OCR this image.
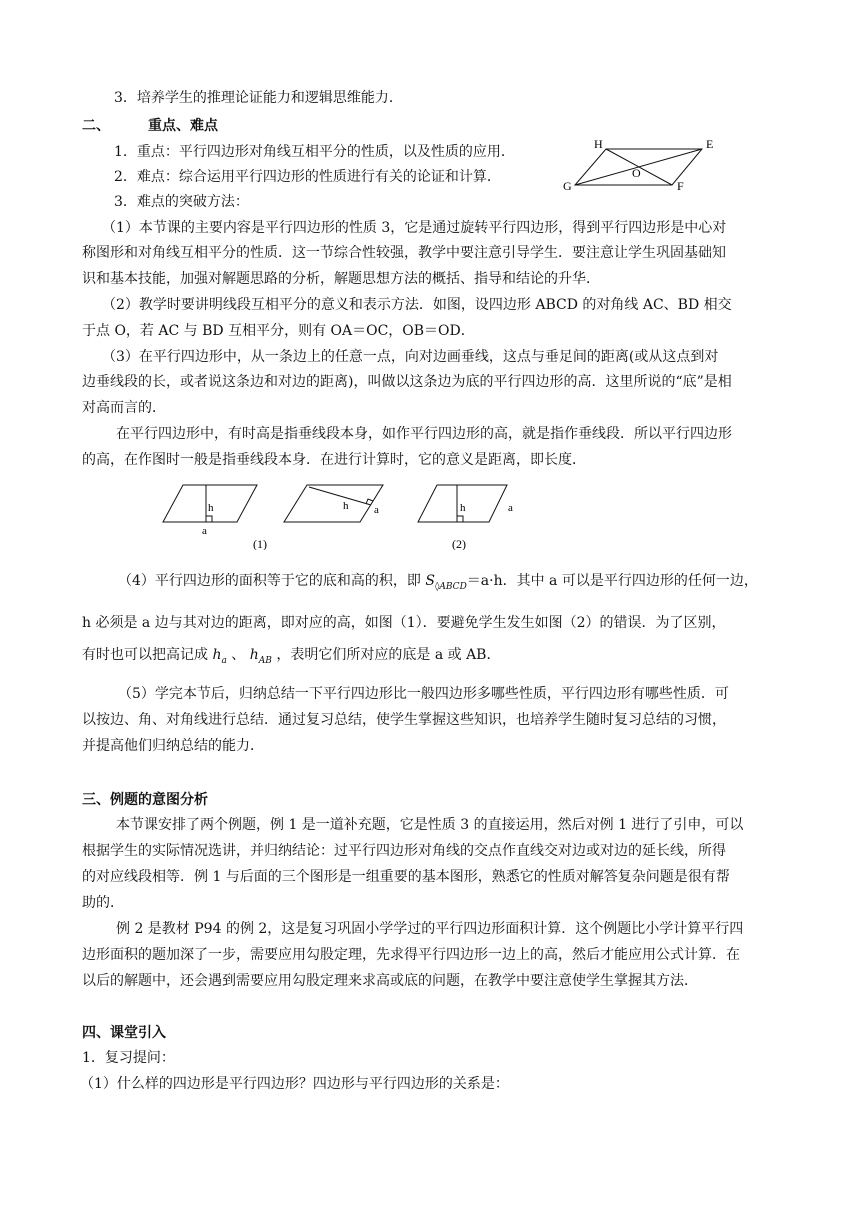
3．培养学生的推理论证能力和逻辑思维能力．
二、	重点、难点
1．重点：平行四边形对角线互相平分的性质，以及性质的应用．
2．难点：综合运用平行四边形的性质进行有关的论证和计算．
3．难点的突破方法：
H	E
O
G	F
（1）本节课的主要内容是平行四边形的性质 3，它是通过旋转平行四边形，得到平行四边形是中心对
称图形和对角线互相平分的性质．这一节综合性较强，教学中要注意引导学生．要注意让学生巩固基础知
识和基本技能，加强对解题思路的分析，解题思想方法的概括、指导和结论的升华．
（2）教学时要讲明线段互相平分的意义和表示方法．如图，设四边形 ABCD 的对角线 AC、BD 相交
于点 O，若 AC 与 BD 互相平分，则有 OA＝OC，OB＝OD．
（3）在平行四边形中，从一条边上的任意一点，向对边画垂线，这点与垂足间的距离(或从这点到对
边垂线段的长，或者说这条边和对边的距离)，叫做以这条边为底的平行四边形的高．这里所说的“底”是相
对高而言的．
在平行四边形中，有时高是指垂线段本身，如作平行四边形的高，就是指作垂线段．所以平行四边形
的高，在作图时一般是指垂线段本身．在进行计算时，它的意义是距离，即长度．
h
a
(1)
h a	h	a
(2)
（4）平行四边形的面积等于它的底和高的积，即 $S_{◊ABCD}=a\cdot h$．其中 a 可以是平行四边形的任何一边，
h 必须是 a 边与其对边的距离，即对应的高，如图（1）．要避免学生发生如图（2）的错误．为了区别，
有时也可以把高记成 $h_a$ 、 $h_{AB}$ ，表明它们所对应的底是 a 或 AB．
（5）学完本节后，归纳总结一下平行四边形比一般四边形多哪些性质，平行四边形有哪些性质．可
以按边、角、对角线进行总结．通过复习总结，使学生掌握这些知识，也培养学生随时复习总结的习惯，
并提高他们归纳总结的能力．
三、例题的意图分析
本节课安排了两个例题，例 1 是一道补充题，它是性质 3 的直接运用，然后对例 1 进行了引申，可以
根据学生的实际情况选讲，并归纳结论：过平行四边形对角线的交点作直线交对边或对边的延长线，所得
的对应线段相等．例 1 与后面的三个图形是一组重要的基本图形，熟悉它的性质对解答复杂问题是很有帮
助的．
例 2 是教材 P94 的例 2，这是复习巩固小学学过的平行四边形面积计算．这个例题比小学计算平行四
边形面积的题加深了一步，需要应用勾股定理，先求得平行四边形一边上的高，然后才能应用公式计算．在
以后的解题中，还会遇到需要应用勾股定理来求高或底的问题，在教学中要注意使学生掌握其方法．
四、课堂引入
1．复习提问：
（1）什么样的四边形是平行四边形？四边形与平行四边形的关系是：
